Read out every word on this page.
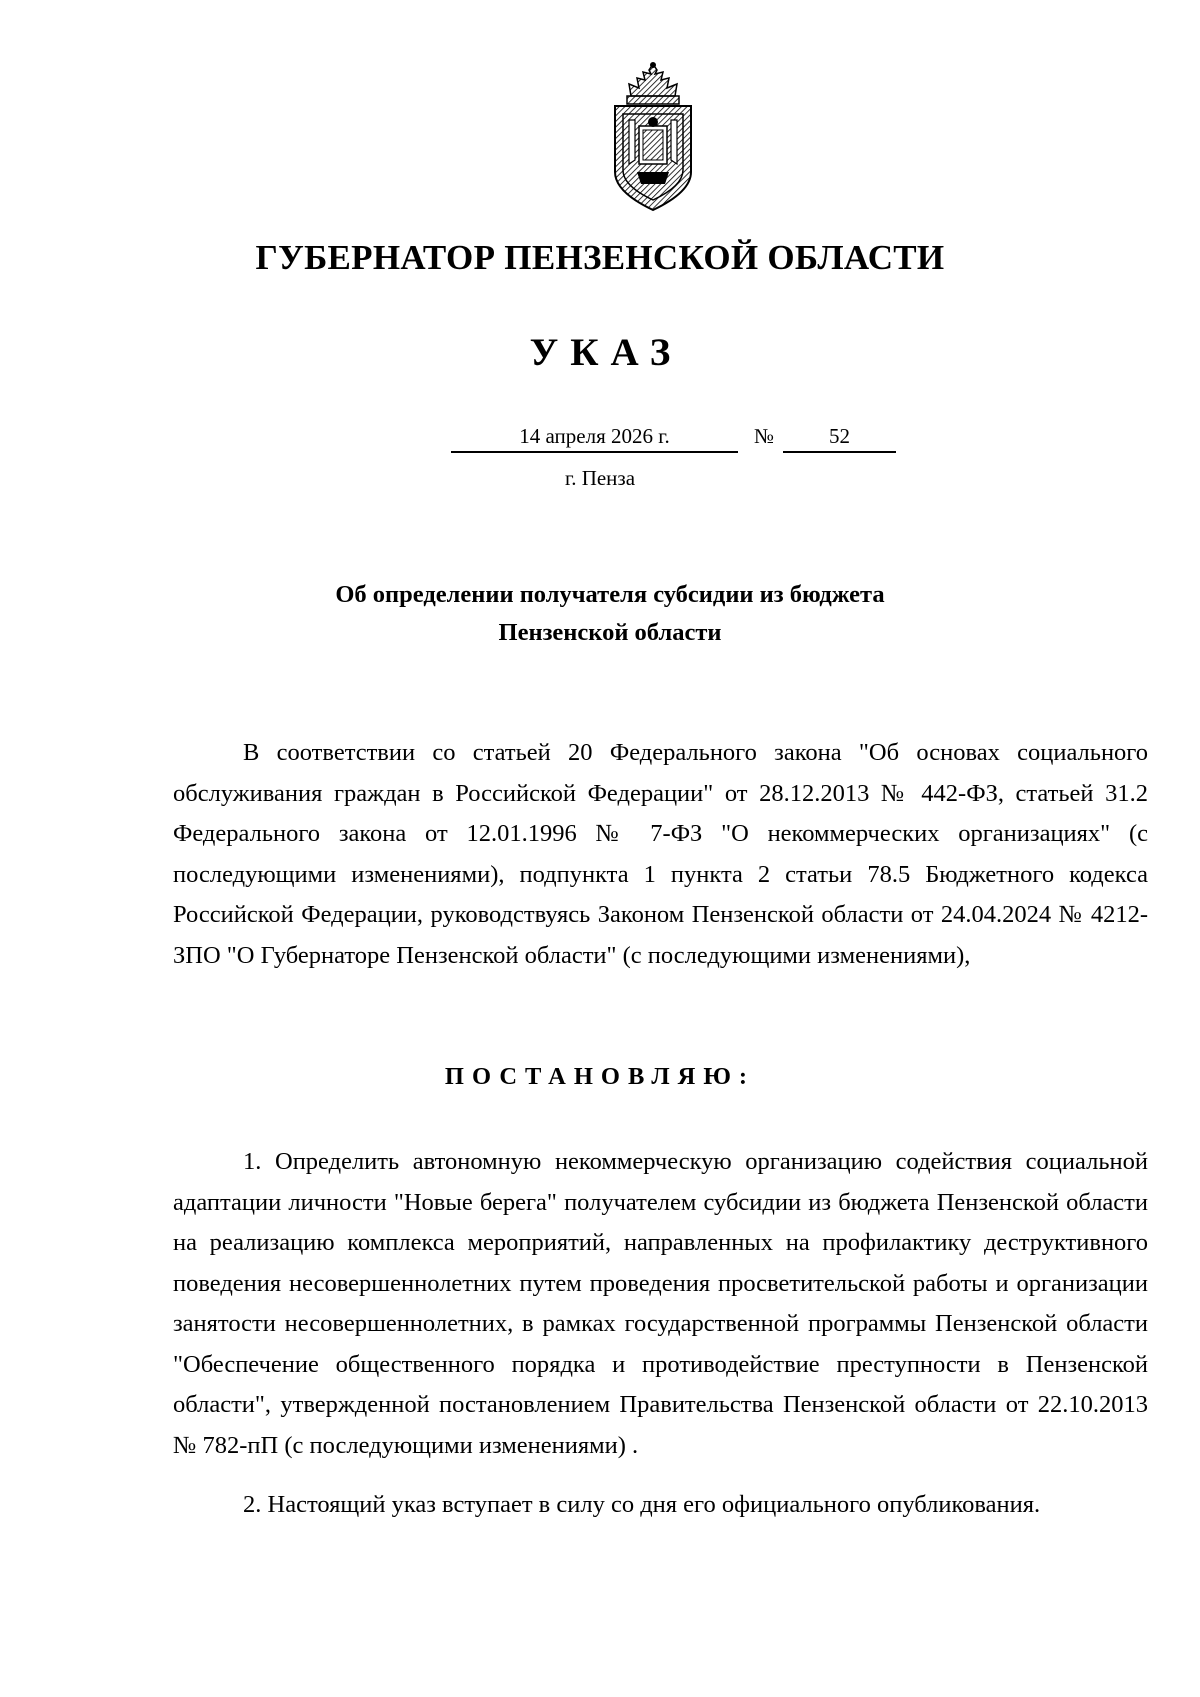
ГУБЕРНАТОР ПЕНЗЕНСКОЙ ОБЛАСТИ
УКАЗ
14 апреля 2026 г.	№	52
г. Пенза
Об определении получателя субсидии из бюджета Пензенской области

В соответствии со статьей 20 Федерального закона "Об основах социального обслуживания граждан в Российской Федерации" от 28.12.2013 № 442-ФЗ, статьей 31.2 Федерального закона от 12.01.1996 № 7-ФЗ "О некоммерческих организациях" (с последующими изменениями), подпункта 1 пункта 2 статьи 78.5 Бюджетного кодекса Российской Федерации, руководствуясь Законом Пензенской области от 24.04.2024 № 4212-ЗПО "О Губернаторе Пензенской области" (с последующими изменениями),

ПОСТАНОВЛЯЮ:

1. Определить автономную некоммерческую организацию содействия социальной адаптации личности "Новые берега" получателем субсидии из бюджета Пензенской области на реализацию комплекса мероприятий, направленных на профилактику деструктивного поведения несовершеннолетних путем проведения просветительской работы и организации занятости несовершеннолетних, в рамках государственной программы Пензенской области "Обеспечение общественного порядка и противодействие преступности в Пензенской области", утвержденной постановлением Правительства Пензенской области от 22.10.2013 № 782-пП (с последующими изменениями) .

2. Настоящий указ вступает в силу со дня его официального опубликования.
